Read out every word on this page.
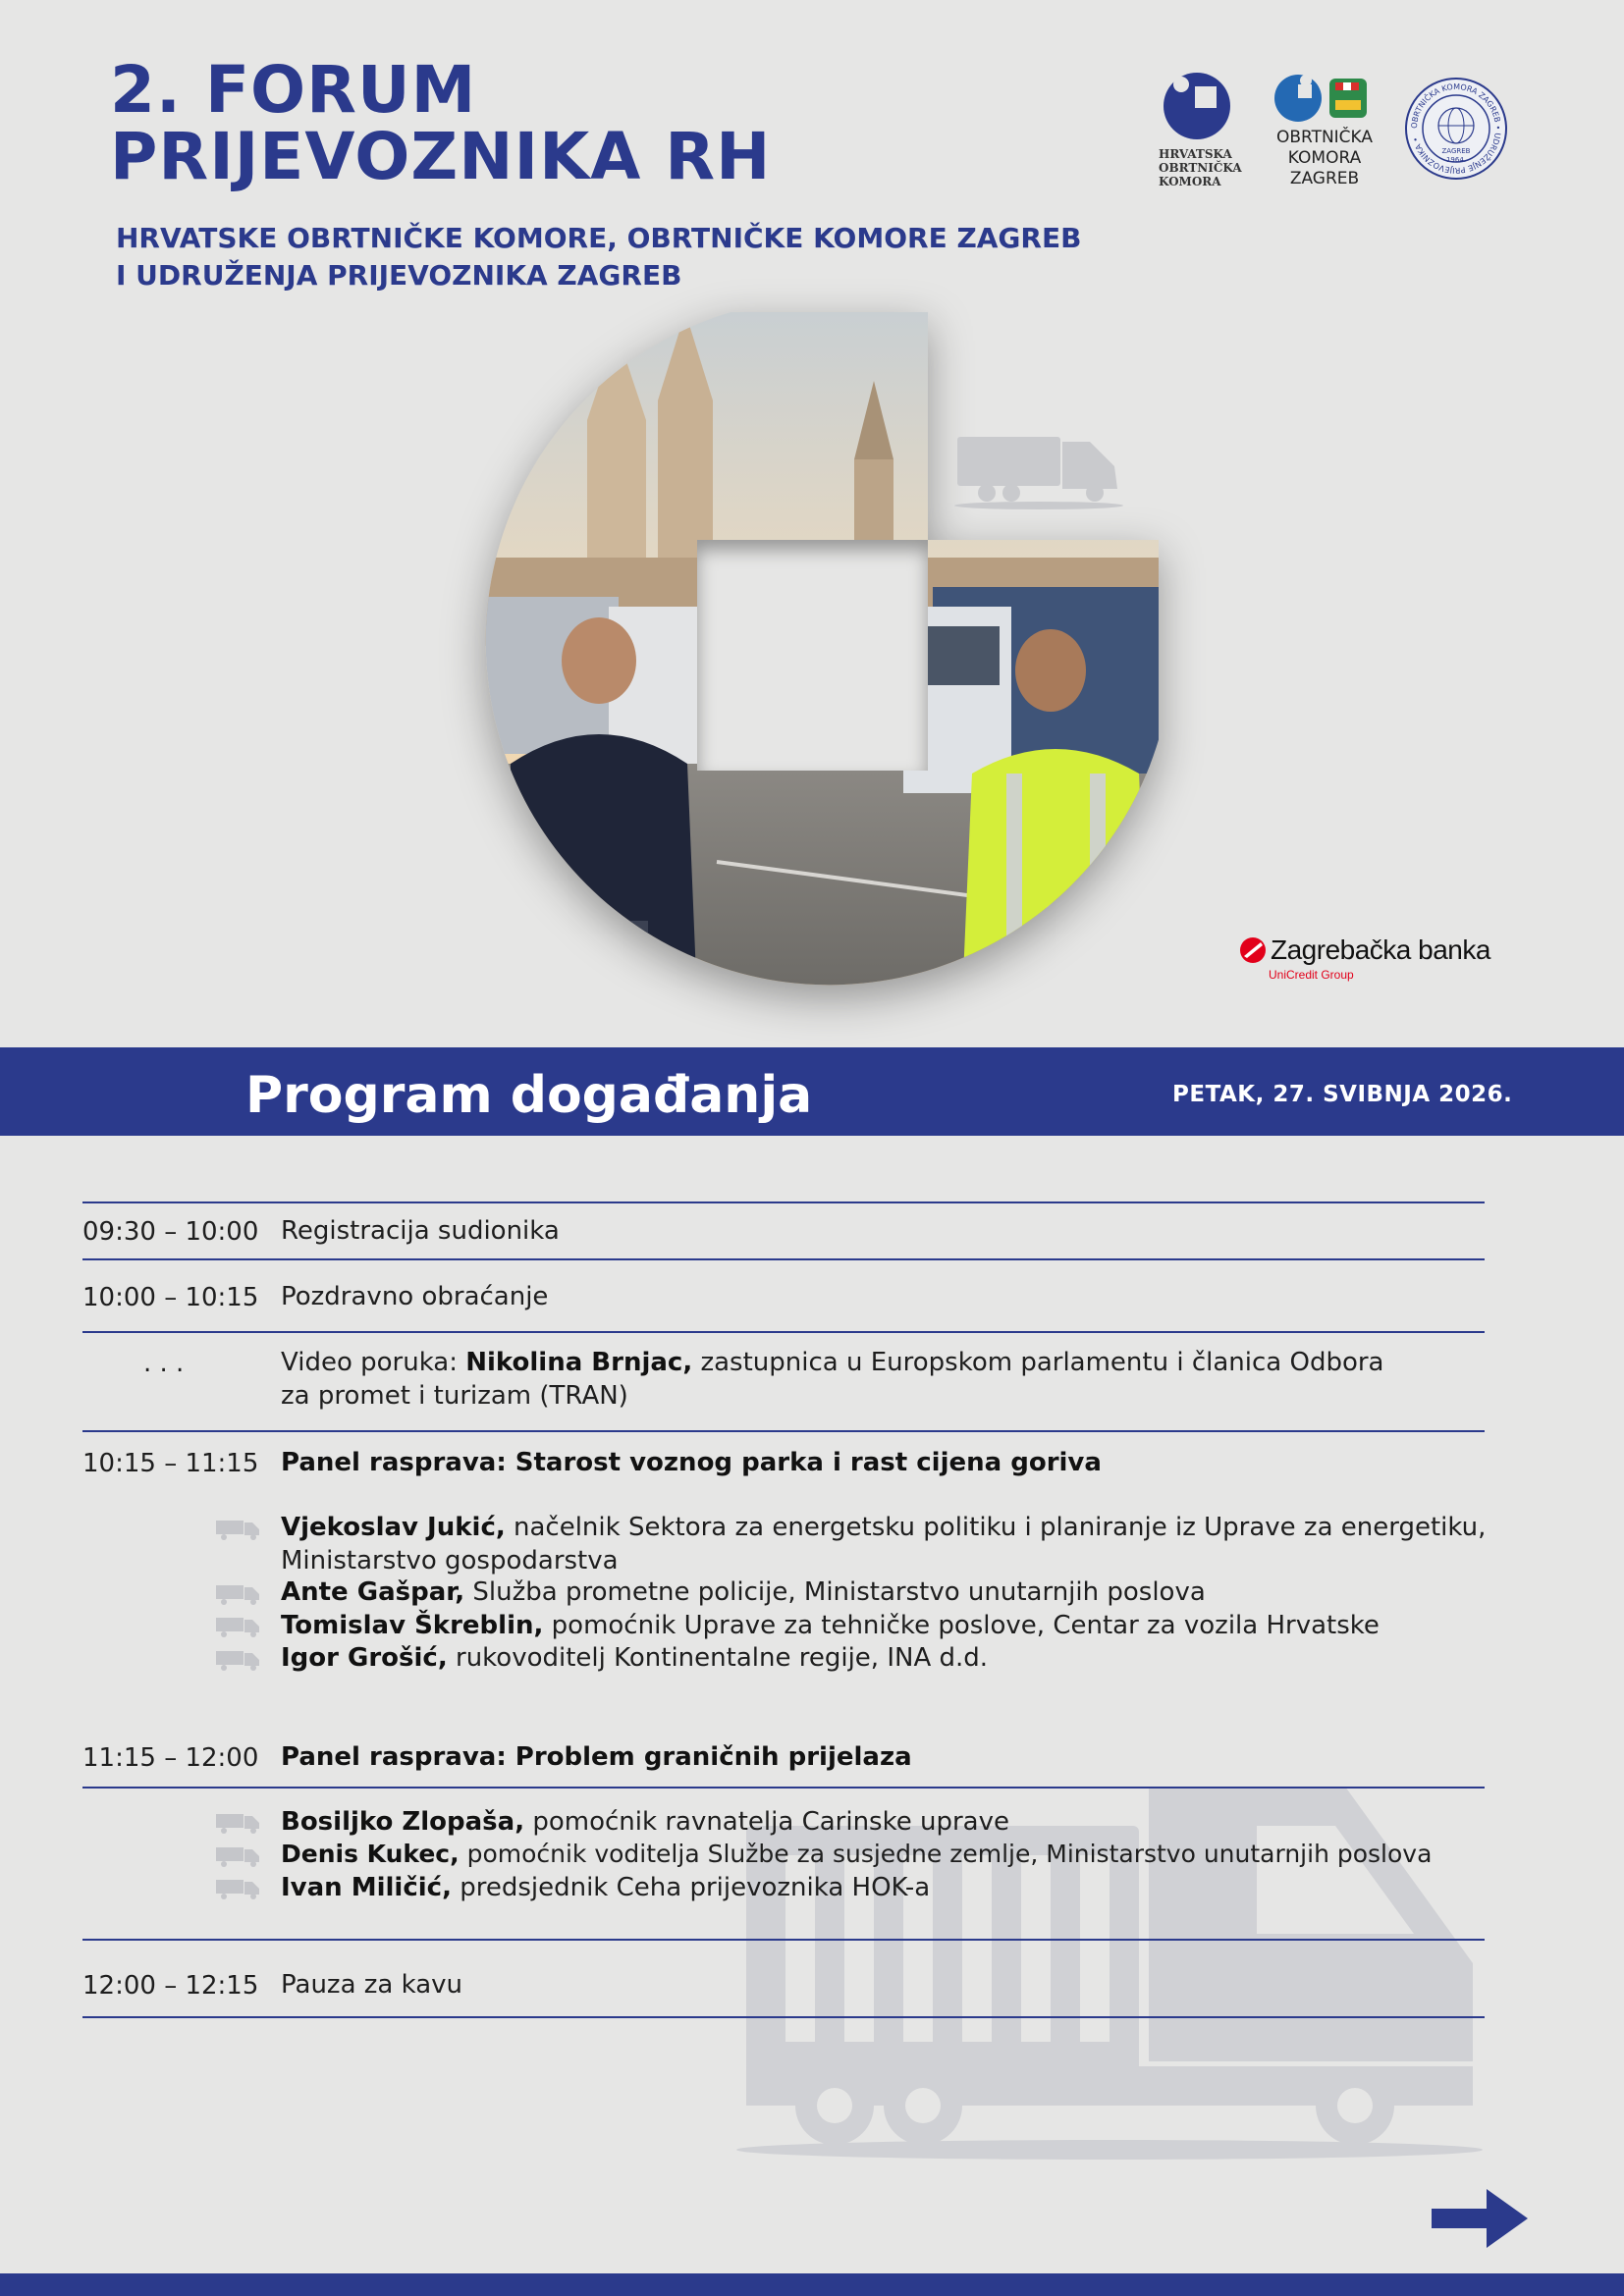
2. FORUM
PRIJEVOZNIKA RH

HRVATSKE OBRTNIČKE KOMORE, OBRTNIČKE KOMORE ZAGREB
I UDRUŽENJA PRIJEVOZNIKA ZAGREB

HRVATSKA
OBRTNIČKA
KOMORA
OBRTNIČKA
KOMORA
ZAGREB
OBRTNIČKA KOMORA ZAGREB • UDRUŽENJE PRIJEVOZNIKA •
ZAGREB
1964.
Zagrebačka banka
UniCredit Group
Program događanja	PETAK, 27. SVIBNJA 2026.
09:30 – 10:00 Registracija sudionika
10:00 – 10:15 Pozdravno obraćanje
. . .	Video poruka: Nikolina Brnjac, zastupnica u Europskom parlamentu i članica Odbora
za promet i turizam (TRAN)
10:15 – 11:15 Panel rasprava: Starost voznog parka i rast cijena goriva
Vjekoslav Jukić, načelnik Sektora za energetsku politiku i planiranje iz Uprave za energetiku,
Ministarstvo gospodarstva
Ante Gašpar, Služba prometne policije, Ministarstvo unutarnjih poslova
Tomislav Škreblin, pomoćnik Uprave za tehničke poslove, Centar za vozila Hrvatske
Igor Grošić, rukovoditelj Kontinentalne regije, INA d.d.
11:15 – 12:00 Panel rasprava: Problem graničnih prijelaza
Bosiljko Zlopaša, pomoćnik ravnatelja Carinske uprave
Denis Kukec, pomoćnik voditelja Službe za susjedne zemlje, Ministarstvo unutarnjih poslova
Ivan Miličić, predsjednik Ceha prijevoznika HOK-a
12:00 – 12:15 Pauza za kavu
